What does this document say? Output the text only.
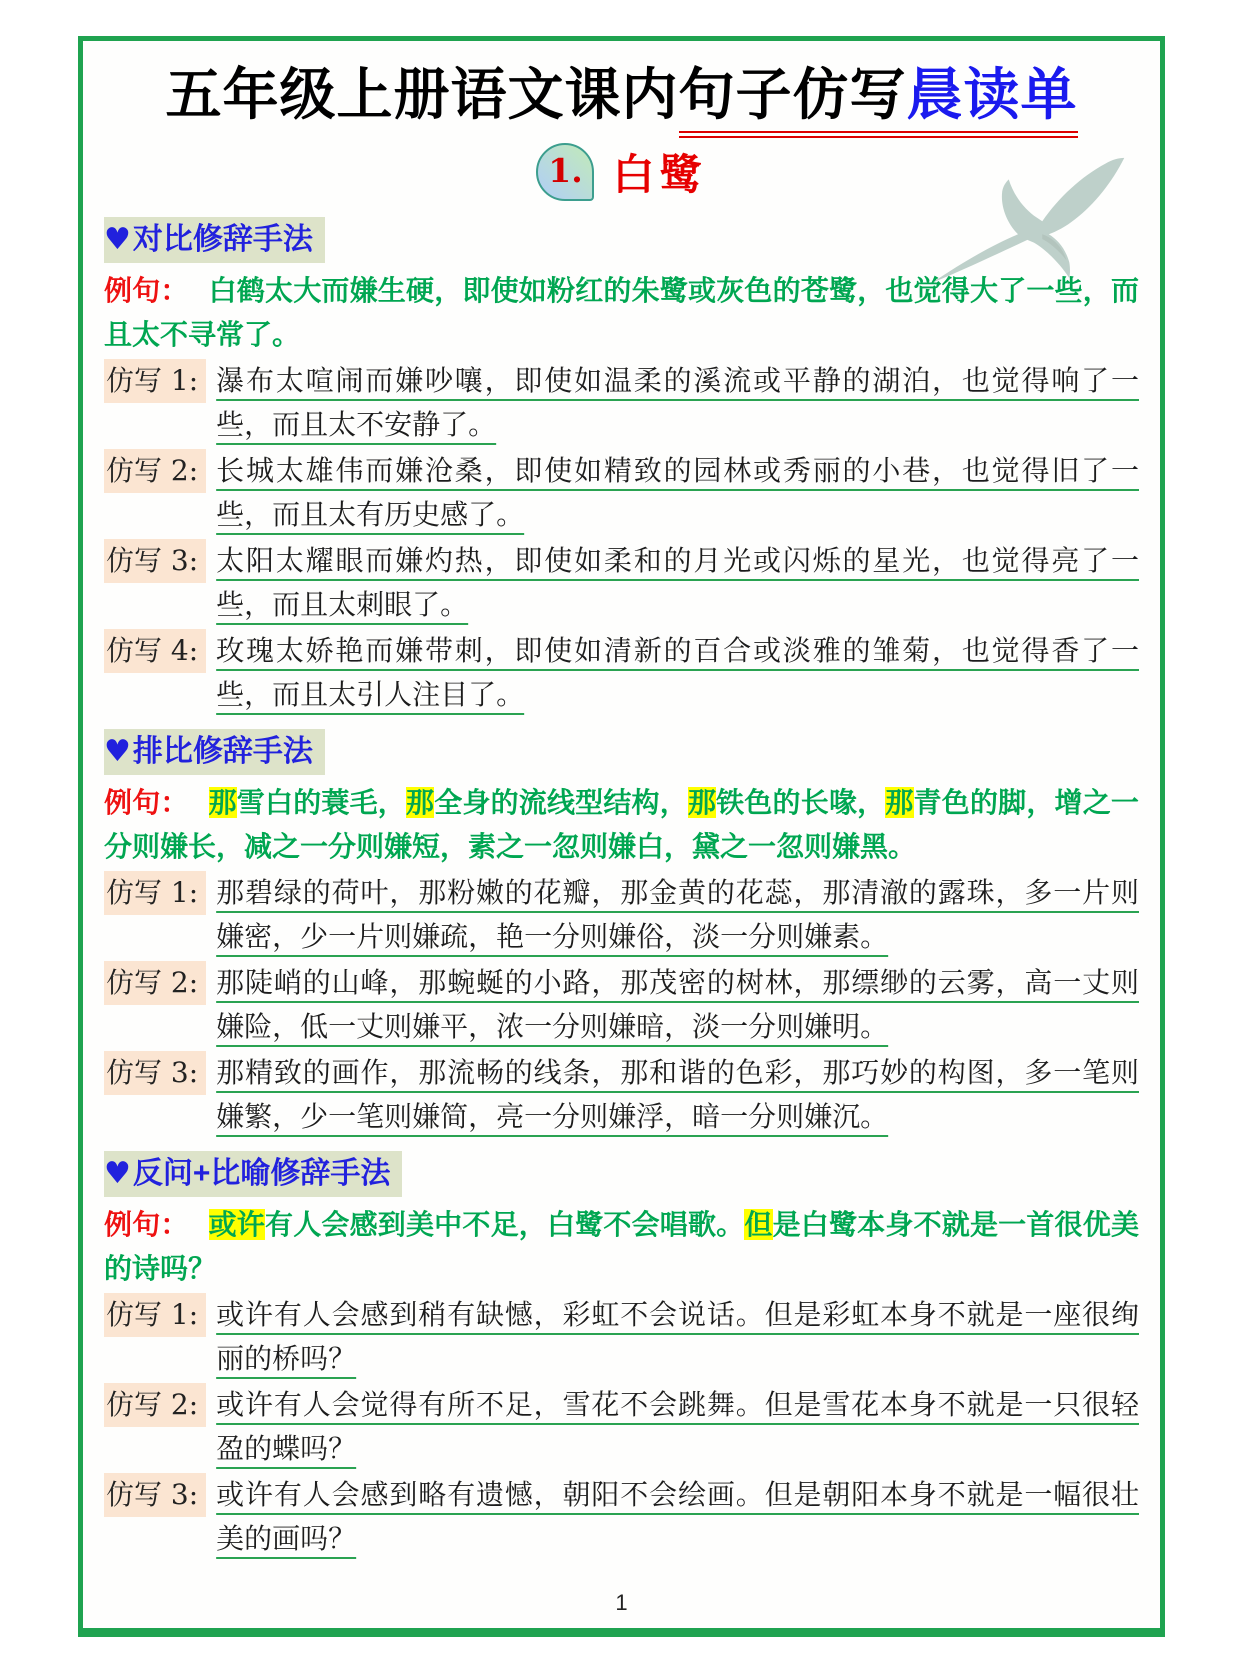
五年级上册语文课内句子仿写晨读单
1. 白鹭
♥对比修辞手法

例句： 白鹤太大而嫌生硬，即使如粉红的朱鹭或灰色的苍鹭，也觉得大了一些，而且太不寻常了。

仿写 1: 瀑布太喧闹而嫌吵嚷，即使如温柔的溪流或平静的湖泊，也觉得响了一些，而且太不安静了。
仿写 2: 长城太雄伟而嫌沧桑，即使如精致的园林或秀丽的小巷，也觉得旧了一些，而且太有历史感了。
仿写 3: 太阳太耀眼而嫌灼热，即使如柔和的月光或闪烁的星光，也觉得亮了一些，而且太刺眼了。
仿写 4: 玫瑰太娇艳而嫌带刺，即使如清新的百合或淡雅的雏菊，也觉得香了一些，而且太引人注目了。
♥排比修辞手法

例句： 那雪白的蓑毛，那全身的流线型结构，那铁色的长喙，那青色的脚，增之一分则嫌长，减之一分则嫌短，素之一忽则嫌白，黛之一忽则嫌黑。

仿写 1: 那碧绿的荷叶，那粉嫩的花瓣，那金黄的花蕊，那清澈的露珠，多一片则嫌密，少一片则嫌疏，艳一分则嫌俗，淡一分则嫌素。
仿写 2: 那陡峭的山峰，那蜿蜒的小路，那茂密的树林，那缥缈的云雾，高一丈则嫌险，低一丈则嫌平，浓一分则嫌暗，淡一分则嫌明。
仿写 3: 那精致的画作，那流畅的线条，那和谐的色彩，那巧妙的构图，多一笔则嫌繁，少一笔则嫌简，亮一分则嫌浮，暗一分则嫌沉。
♥反问+比喻修辞手法

例句： 或许有人会感到美中不足，白鹭不会唱歌。但是白鹭本身不就是一首很优美的诗吗？

仿写 1: 或许有人会感到稍有缺憾，彩虹不会说话。但是彩虹本身不就是一座很绚丽的桥吗？
仿写 2: 或许有人会觉得有所不足，雪花不会跳舞。但是雪花本身不就是一只很轻盈的蝶吗？
仿写 3: 或许有人会感到略有遗憾，朝阳不会绘画。但是朝阳本身不就是一幅很壮美的画吗？
1
